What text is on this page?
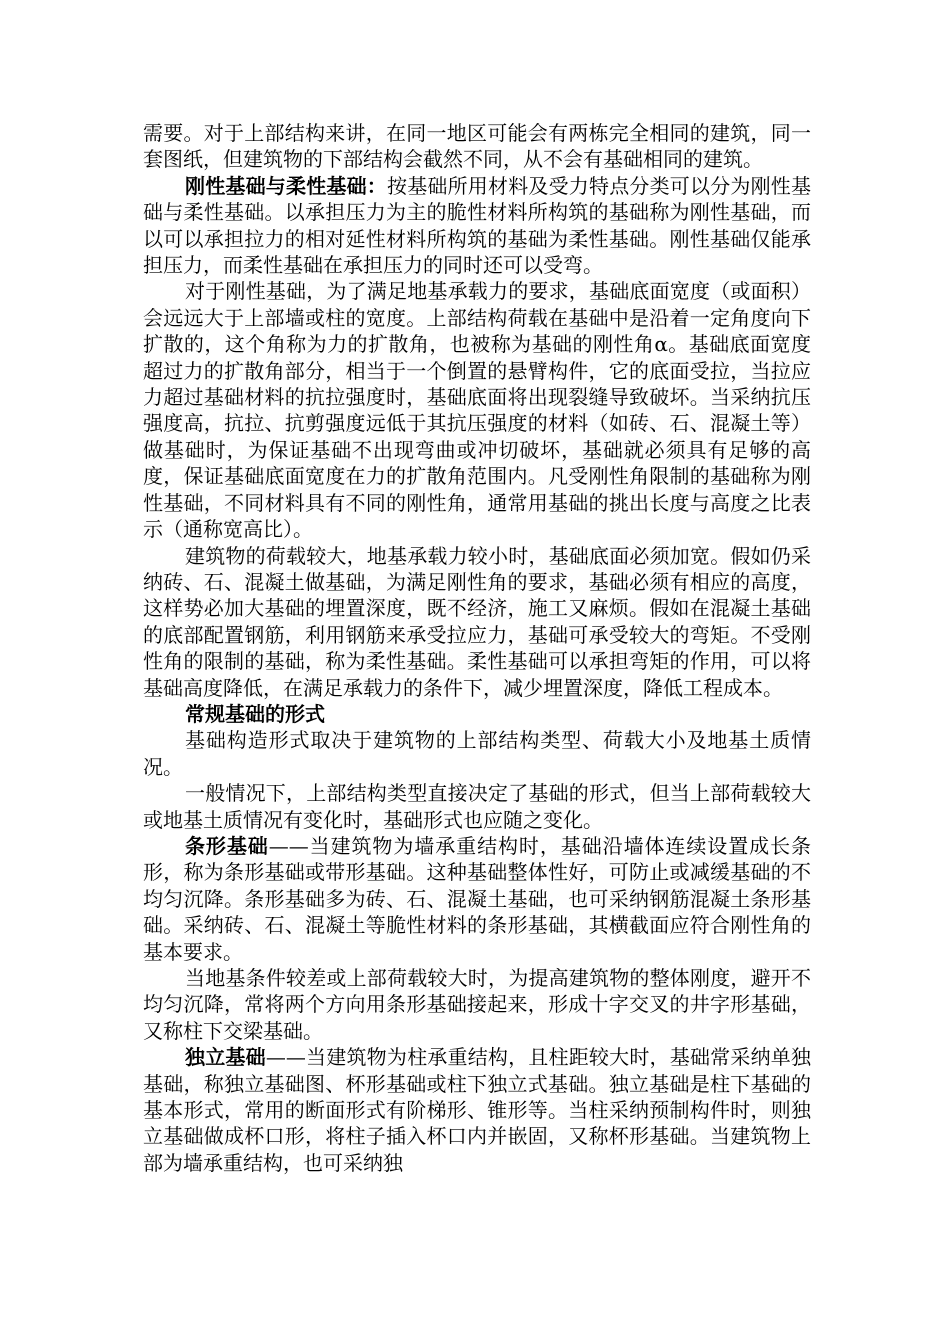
需要。对于上部结构来讲，在同一地区可能会有两栋完全相同的建筑，同一套图纸，但建筑物的下部结构会截然不同，从不会有基础相同的建筑。

刚性基础与柔性基础：按基础所用材料及受力特点分类可以分为刚性基础与柔性基础。以承担压力为主的脆性材料所构筑的基础称为刚性基础，而以可以承担拉力的相对延性材料所构筑的基础为柔性基础。刚性基础仅能承担压力，而柔性基础在承担压力的同时还可以受弯。

对于刚性基础，为了满足地基承载力的要求，基础底面宽度（或面积）会远远大于上部墙或柱的宽度。上部结构荷载在基础中是沿着一定角度向下扩散的，这个角称为力的扩散角，也被称为基础的刚性角α。基础底面宽度超过力的扩散角部分，相当于一个倒置的悬臂构件，它的底面受拉，当拉应力超过基础材料的抗拉强度时，基础底面将出现裂缝导致破坏。当采纳抗压强度高，抗拉、抗剪强度远低于其抗压强度的材料（如砖、石、混凝土等）做基础时，为保证基础不出现弯曲或冲切破坏，基础就必须具有足够的高度，保证基础底面宽度在力的扩散角范围内。凡受刚性角限制的基础称为刚性基础，不同材料具有不同的刚性角，通常用基础的挑出长度与高度之比表示（通称宽高比）。

建筑物的荷载较大，地基承载力较小时，基础底面必须加宽。假如仍采纳砖、石、混凝土做基础，为满足刚性角的要求，基础必须有相应的高度，这样势必加大基础的埋置深度，既不经济，施工又麻烦。假如在混凝土基础的底部配置钢筋，利用钢筋来承受拉应力，基础可承受较大的弯矩。不受刚性角的限制的基础，称为柔性基础。柔性基础可以承担弯矩的作用，可以将基础高度降低，在满足承载力的条件下，减少埋置深度，降低工程成本。

常规基础的形式

基础构造形式取决于建筑物的上部结构类型、荷载大小及地基土质情况。

一般情况下，上部结构类型直接决定了基础的形式，但当上部荷载较大或地基土质情况有变化时，基础形式也应随之变化。

条形基础——当建筑物为墙承重结构时，基础沿墙体连续设置成长条形，称为条形基础或带形基础。这种基础整体性好，可防止或减缓基础的不均匀沉降。条形基础多为砖、石、混凝土基础，也可采纳钢筋混凝土条形基础。采纳砖、石、混凝土等脆性材料的条形基础，其横截面应符合刚性角的基本要求。

当地基条件较差或上部荷载较大时，为提高建筑物的整体刚度，避开不均匀沉降，常将两个方向用条形基础接起来，形成十字交叉的井字形基础，又称柱下交梁基础。

独立基础——当建筑物为柱承重结构，且柱距较大时，基础常采纳单独基础，称独立基础图、杯形基础或柱下独立式基础。独立基础是柱下基础的基本形式，常用的断面形式有阶梯形、锥形等。当柱采纳预制构件时，则独立基础做成杯口形，将柱子插入杯口内并嵌固，又称杯形基础。当建筑物上部为墙承重结构，也可采纳独
